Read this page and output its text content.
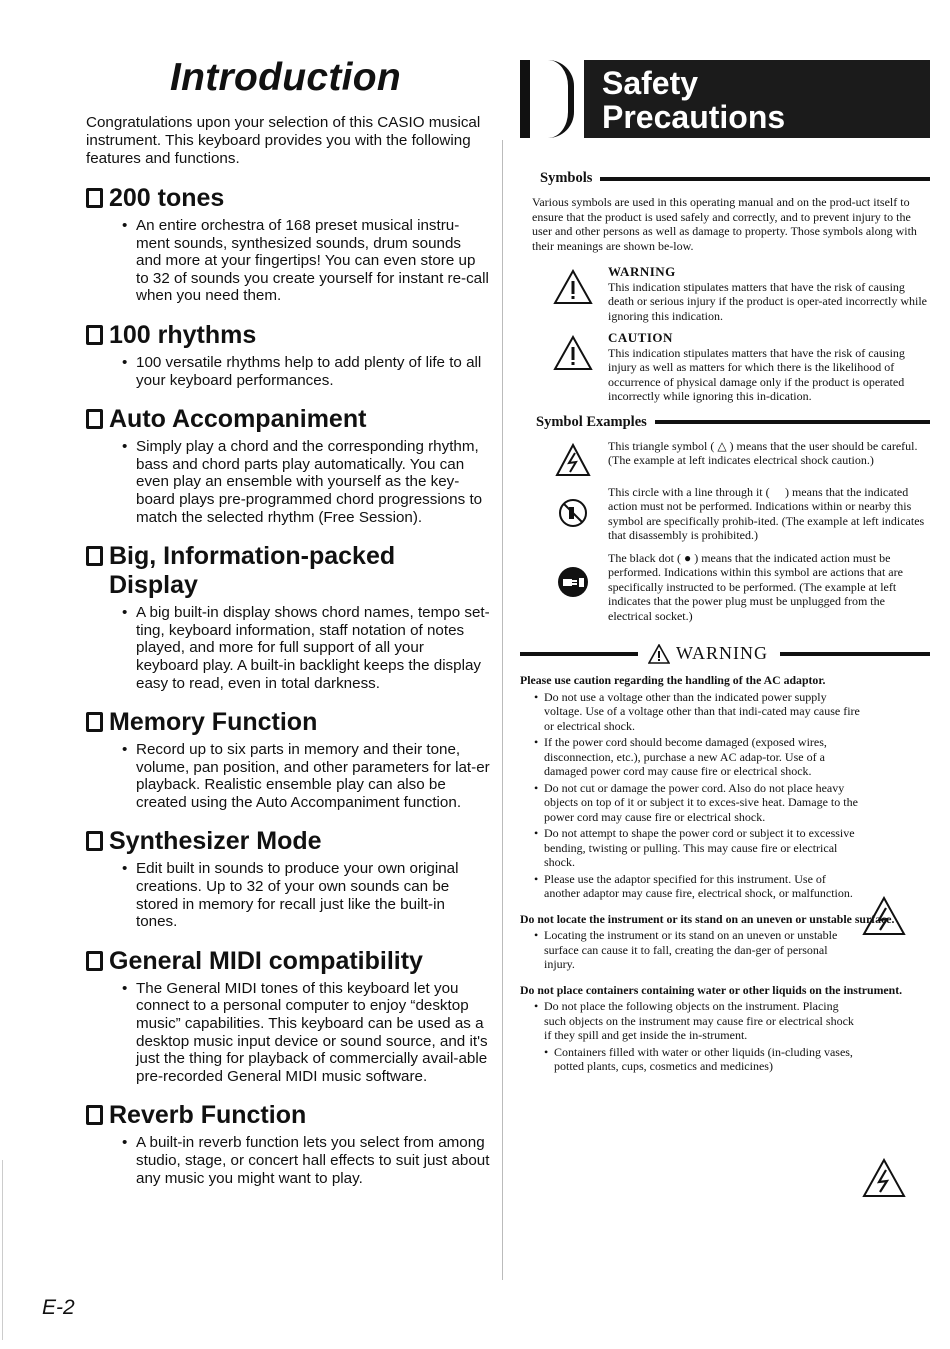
Introduction

Congratulations upon your selection of this CASIO musical instrument. This keyboard provides you with the following features and functions.

200 tones
• An entire orchestra of 168 preset musical instru-ment sounds, synthesized sounds, drum sounds and more at your fingertips! You can even store up to 32 of sounds you create yourself for instant re-call when you need them.
100 rhythms
• 100 versatile rhythms help to add plenty of life to all your keyboard performances.
Auto Accompaniment
• Simply play a chord and the corresponding rhythm, bass and chord parts play automatically. You can even play an ensemble with yourself as the key-board plays pre-programmed chord progressions to match the selected rhythm (Free Session).
Big, Information-packed Display
• A big built-in display shows chord names, tempo set-ting, keyboard information, staff notation of notes played, and more for full support of all your keyboard play. A built-in backlight keeps the display easy to read, even in total darkness.
Memory Function
• Record up to six parts in memory and their tone, volume, pan position, and other parameters for lat-er playback. Realistic ensemble play can also be created using the Auto Accompaniment function.
Synthesizer Mode
• Edit built in sounds to produce your own original creations. Up to 32 of your own sounds can be stored in memory for recall just like the built-in tones.
General MIDI compatibility
• The General MIDI tones of this keyboard let you connect to a personal computer to enjoy “desktop music” capabilities. This keyboard can be used as a desktop music input device or sound source, and it's just the thing for playback of commercially avail-able pre-recorded General MIDI music software.
Reverb Function
• A built-in reverb function lets you select from among studio, stage, or concert hall effects to suit just about any music you might want to play.
Safety
Precautions
Symbols

Various symbols are used in this operating manual and on the prod-uct itself to ensure that the product is used safely and correctly, and to prevent injury to the user and other persons as well as damage to property. Those symbols along with their meanings are shown be-low.

WARNING
This indication stipulates matters that have the risk of causing death or serious injury if the product is oper-ated incorrectly while ignoring this indication.
CAUTION
This indication stipulates matters that have the risk of causing injury as well as matters for which there is the likelihood of occurrence of physical damage only if the product is operated incorrectly while ignoring this in-dication.
Symbol Examples
This triangle symbol ( △ ) means that the user should be careful. (The example at left indicates electrical shock caution.)
This circle with a line through it ( ⃠ ) means that the indicated action must not be performed. Indications within or nearby this symbol are specifically prohib-ited. (The example at left indicates that disassembly is prohibited.)
The black dot ( ● ) means that the indicated action must be performed. Indications within this symbol are actions that are specifically instructed to be performed. (The example at left indicates that the power plug must be unplugged from the electrical socket.)
WARNING
Please use caution regarding the handling of the AC adaptor.
• Do not use a voltage other than the indicated power supply voltage. Use of a voltage other than that indi-cated may cause fire or electrical shock.
• If the power cord should become damaged (exposed wires, disconnection, etc.), purchase a new AC adap-tor. Use of a damaged power cord may cause fire or electrical shock.
• Do not cut or damage the power cord. Also do not place heavy objects on top of it or subject it to exces-sive heat. Damage to the power cord may cause fire or electrical shock.
• Do not attempt to shape the power cord or subject it to excessive bending, twisting or pulling. This may cause fire or electrical shock.
• Please use the adaptor specified for this instrument. Use of another adaptor may cause fire, electrical shock, or malfunction.
Do not locate the instrument or its stand on an uneven or unstable surface.
• Locating the instrument or its stand on an uneven or unstable surface can cause it to fall, creating the dan-ger of personal injury.
Do not place containers containing water or other liquids on the instrument.
• Do not place the following objects on the instrument. Placing such objects on the instrument may cause fire or electrical shock if they spill and get inside the in-strument.
• Containers filled with water or other liquids (in-cluding vases, potted plants, cups, cosmetics and medicines)
E-2
